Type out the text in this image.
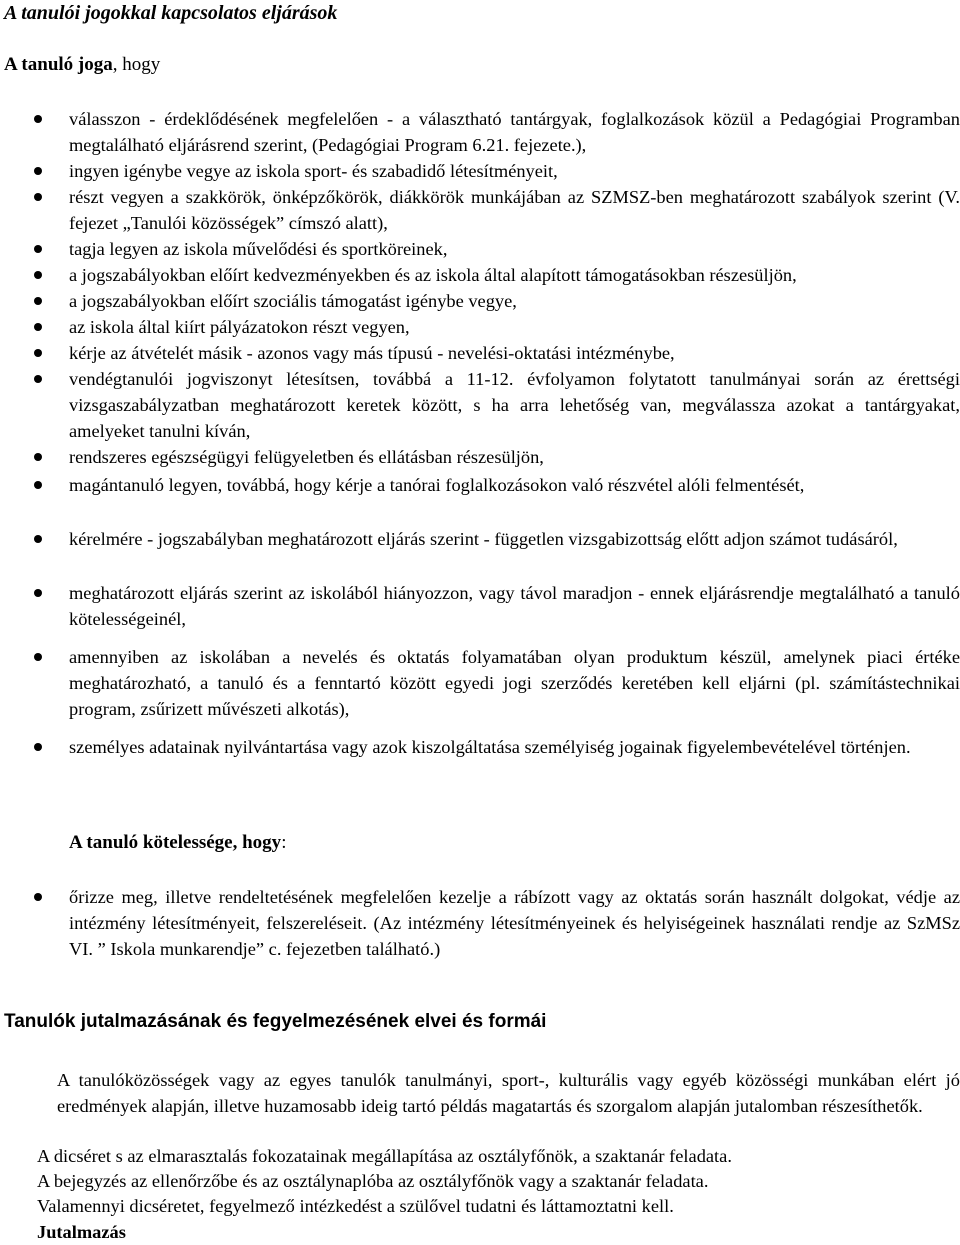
A tanulói jogokkal kapcsolatos eljárások
A tanuló joga, hogy
válasszon - érdeklődésének megfelelően - a választható tantárgyak, foglalkozások közül a Pedagógiai Programban megtalálható eljárásrend szerint, (Pedagógiai Program 6.21. fejezete.),
ingyen igénybe vegye az iskola sport- és szabadidő létesítményeit,
részt vegyen a szakkörök, önképzőkörök, diákkörök munkájában az SZMSZ-ben meghatározott szabályok szerint (V. fejezet „Tanulói közösségek” címszó alatt),
tagja legyen az iskola művelődési és sportköreinek,
a jogszabályokban előírt kedvezményekben és az iskola által alapított támogatásokban részesüljön,
a jogszabályokban előírt szociális támogatást igénybe vegye,
az iskola által kiírt pályázatokon részt vegyen,
kérje az átvételét másik - azonos vagy más típusú - nevelési-oktatási intézménybe,
vendégtanulói jogviszonyt létesítsen, továbbá a 11-12. évfolyamon folytatott tanulmányai során az érettségi vizsgaszabályzatban meghatározott keretek között, s ha arra lehetőség van, megválassza azokat a tantárgyakat, amelyeket tanulni kíván,
rendszeres egészségügyi felügyeletben és ellátásban részesüljön,
magántanuló legyen, továbbá, hogy kérje a tanórai foglalkozásokon való részvétel alóli felmentését,
kérelmére - jogszabályban meghatározott eljárás szerint - független vizsgabizottság előtt adjon számot tudásáról,
meghatározott eljárás szerint az iskolából hiányozzon, vagy távol maradjon - ennek eljárásrendje megtalálható a tanuló kötelességeinél,
amennyiben az iskolában a nevelés és oktatás folyamatában olyan produktum készül, amelynek piaci értéke meghatározható, a tanuló és a fenntartó között egyedi jogi szerződés keretében kell eljárni (pl. számítástechnikai program, zsűrizett művészeti alkotás),
személyes adatainak nyilvántartása vagy azok kiszolgáltatása személyiség jogainak figyelembevételével történjen.
A tanuló kötelessége, hogy:
őrizze meg, illetve rendeltetésének megfelelően kezelje a rábízott vagy az oktatás során használt dolgokat, védje az intézmény létesítményeit, felszereléseit. (Az intézmény létesítményeinek és helyiségeinek használati rendje az SzMSz VI. ” Iskola munkarendje” c. fejezetben található.)
Tanulók jutalmazásának és fegyelmezésének elvei és formái
A tanulóközösségek vagy az egyes tanulók tanulmányi, sport-, kulturális vagy egyéb közösségi munkában elért jó eredmények alapján, illetve huzamosabb ideig tartó példás magatartás és szorgalom alapján jutalomban részesíthetők.
A dicséret s az elmarasztalás fokozatainak megállapítása az osztályfőnök, a szaktanár feladata.
A bejegyzés az ellenőrzőbe és az osztálynaplóba az osztályfőnök vagy a szaktanár feladata.
Valamennyi dicséretet, fegyelmező intézkedést a szülővel tudatni és láttamoztatni kell.
Jutalmazás
